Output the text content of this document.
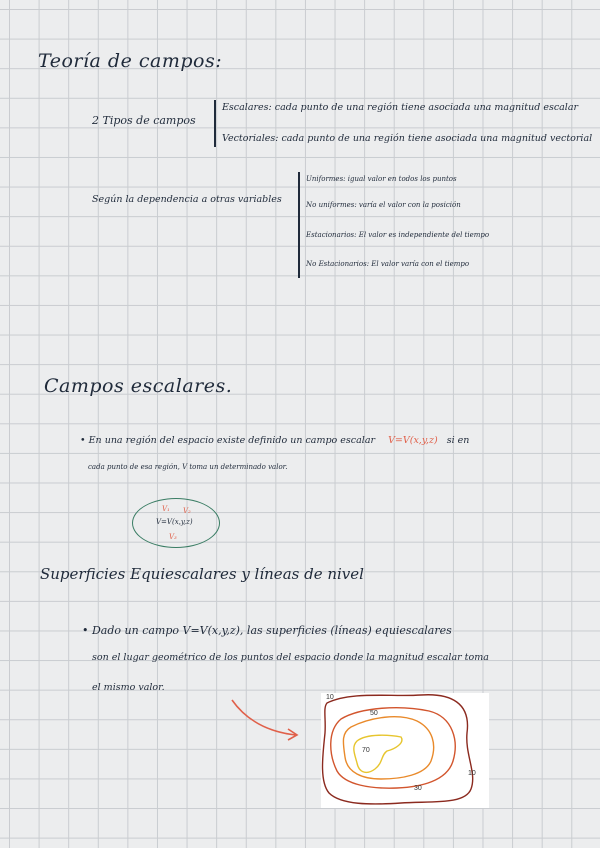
Teoría de campos:
2 Tipos de campos
Escalares: cada punto de una región tiene asociada una magnitud escalar
Vectoriales: cada punto de una región tiene asociada una magnitud vectorial
Según la dependencia a otras variables
Uniformes: igual valor en todos los puntos
No uniformes: varía el valor con la posición
Estacionarios: El valor es independiente del tiempo
No Estacionarios: El valor varía con el tiempo
Campos escalares.
• En una región del espacio existe definido un campo escalar V=V(x,y,z) si en
cada punto de esa región, V toma un determinado valor.
V₁ V₂
V=V(x,y,z)
V₃
Superficies Equiescalares y líneas de nivel
• Dado un campo V=V(x,y,z), las superficies (líneas) equiescalares
son el lugar geométrico de los puntos del espacio donde la magnitud escalar toma
el mismo valor.
10
50
70
10
30
